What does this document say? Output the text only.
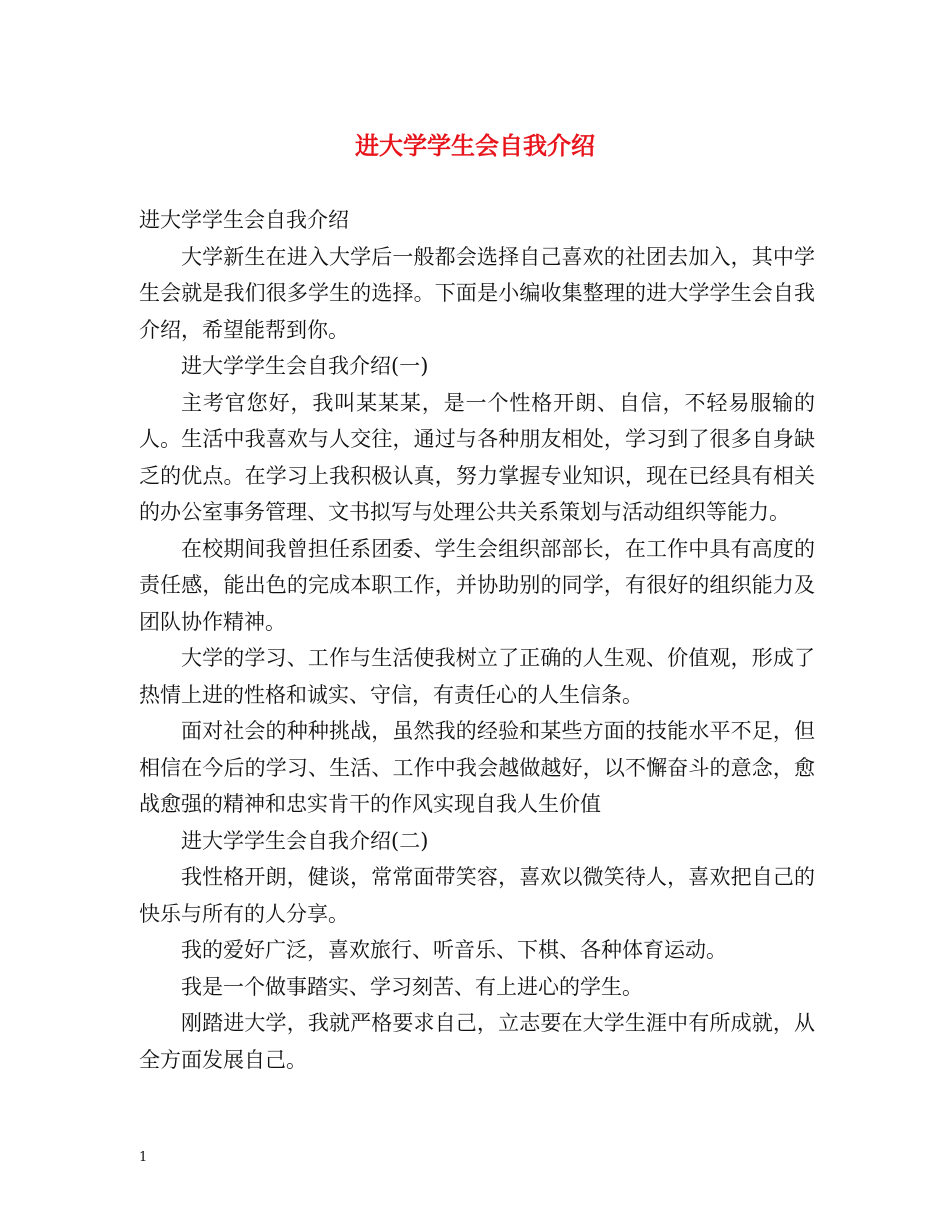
进大学学生会自我介绍

进大学学生会自我介绍

大学新生在进入大学后一般都会选择自己喜欢的社团去加入，其中学生会就是我们很多学生的选择。下面是小编收集整理的进大学学生会自我介绍，希望能帮到你。

进大学学生会自我介绍(一)

主考官您好，我叫某某某，是一个性格开朗、自信，不轻易服输的人。生活中我喜欢与人交往，通过与各种朋友相处，学习到了很多自身缺乏的优点。在学习上我积极认真，努力掌握专业知识，现在已经具有相关的办公室事务管理、文书拟写与处理公共关系策划与活动组织等能力。

在校期间我曾担任系团委、学生会组织部部长，在工作中具有高度的责任感，能出色的完成本职工作，并协助别的同学，有很好的组织能力及团队协作精神。

大学的学习、工作与生活使我树立了正确的人生观、价值观，形成了热情上进的性格和诚实、守信，有责任心的人生信条。

面对社会的种种挑战，虽然我的经验和某些方面的技能水平不足，但相信在今后的学习、生活、工作中我会越做越好，以不懈奋斗的意念，愈战愈强的精神和忠实肯干的作风实现自我人生价值

进大学学生会自我介绍(二)

我性格开朗，健谈，常常面带笑容，喜欢以微笑待人，喜欢把自己的快乐与所有的人分享。

我的爱好广泛，喜欢旅行、听音乐、下棋、各种体育运动。

我是一个做事踏实、学习刻苦、有上进心的学生。

刚踏进大学，我就严格要求自己，立志要在大学生涯中有所成就，从全方面发展自己。

1
